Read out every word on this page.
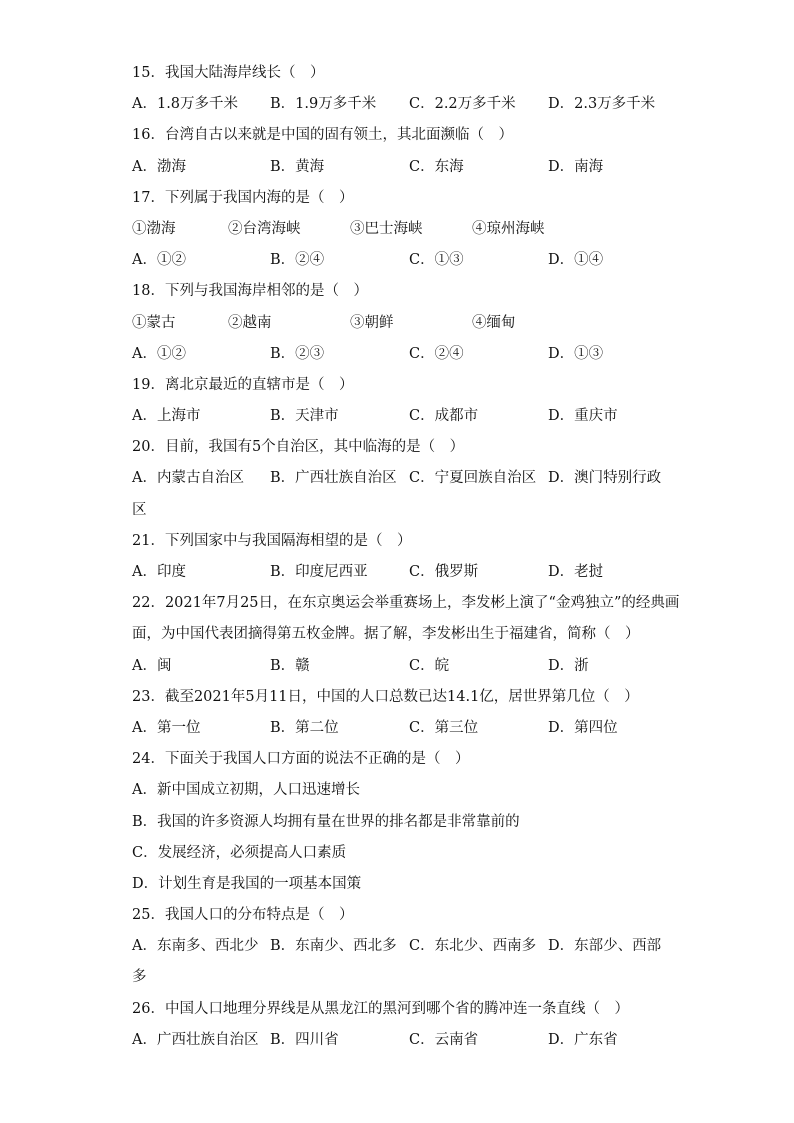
15．我国大陆海岸线长（　）
A．1.8万多千米 B．1.9万多千米 C．2.2万多千米 D．2.3万多千米
16．台湾自古以来就是中国的固有领土，其北面濒临（　）
A．渤海	B．黄海	C．东海	D．南海
17．下列属于我国内海的是（　）
①渤海	②台湾海峡	③巴士海峡	④琼州海峡
A．①②	B．②④	C．①③	D．①④
18．下列与我国海岸相邻的是（　）
①蒙古	②越南	③朝鲜	④缅甸
A．①②	B．②③	C．②④	D．①③
19．离北京最近的直辖市是（　）
A．上海市	B．天津市	C．成都市	D．重庆市
20．目前，我国有5个自治区，其中临海的是（　）
A．内蒙古自治区 B．广西壮族自治区 C．宁夏回族自治区 D．澳门特别行政
区
21．下列国家中与我国隔海相望的是（　）
A．印度	B．印度尼西亚	C．俄罗斯	D．老挝
22．2021年7月25日，在东京奥运会举重赛场上，李发彬上演了“金鸡独立”的经典画
面，为中国代表团摘得第五枚金牌。据了解，李发彬出生于福建省，简称（　）
A．闽	B．赣	C．皖	D．浙
23．截至2021年5月11日，中国的人口总数已达14.1亿，居世界第几位（　）
A．第一位	B．第二位	C．第三位	D．第四位
24．下面关于我国人口方面的说法不正确的是（　）
A．新中国成立初期，人口迅速增长
B．我国的许多资源人均拥有量在世界的排名都是非常靠前的
C．发展经济，必须提高人口素质
D．计划生育是我国的一项基本国策
25．我国人口的分布特点是（　）
A．东南多、西北少 B．东南少、西北多 C．东北少、西南多 D．东部少、西部
多
26．中国人口地理分界线是从黑龙江的黑河到哪个省的腾冲连一条直线（　）
A．广西壮族自治区 B．四川省	C．云南省	D．广东省
